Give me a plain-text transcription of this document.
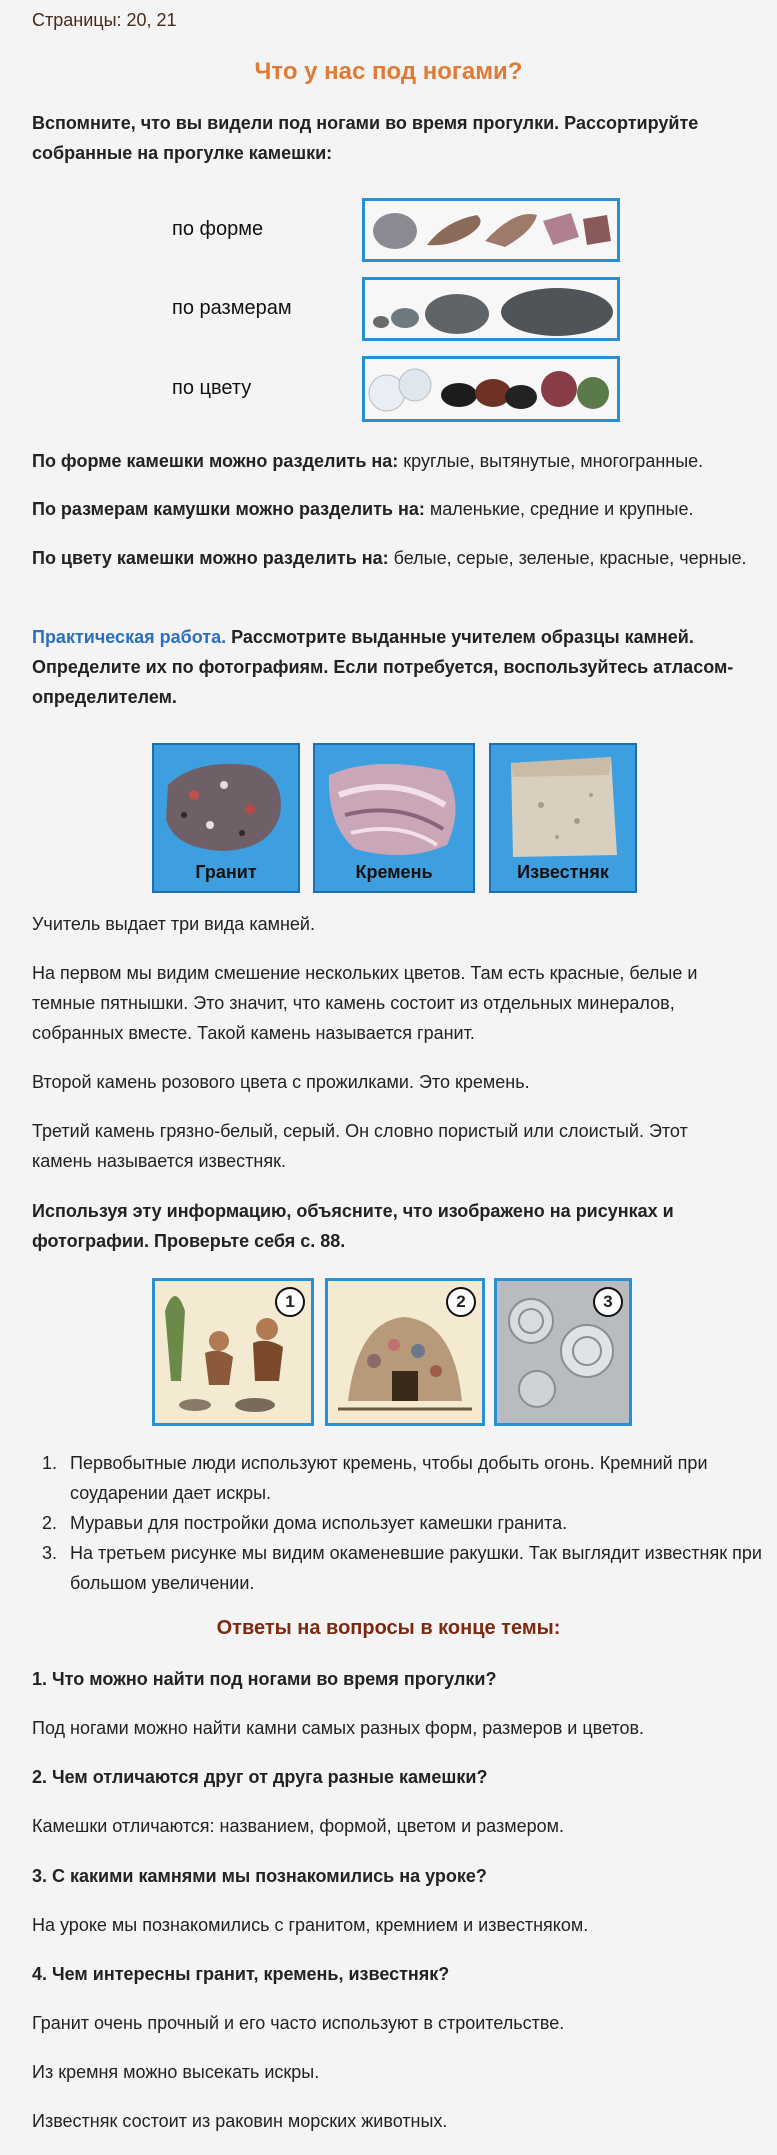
Страницы: 20, 21
Что у нас под ногами?

Вспомните, что вы видели под ногами во время прогулки. Рассортируйте собранные на прогулке камешки:

по форме
по размерам
по цвету

По форме камешки можно разделить на: круглые, вытянутые, многогранные.

По размерам камушки можно разделить на: маленькие, средние и крупные.

По цвету камешки можно разделить на: белые, серые, зеленые, красные, черные.

Практическая работа. Рассмотрите выданные учителем образцы камней. Определите их по фотографиям. Если потребуется, воспользуйтесь атласом-определителем.

Гранит	Кремень	Известняк

Учитель выдает три вида камней.

На первом мы видим смешение нескольких цветов. Там есть красные, белые и темные пятнышки. Это значит, что камень состоит из отдельных минералов, собранных вместе. Такой камень называется гранит.

Второй камень розового цвета с прожилками. Это кремень.

Третий камень грязно-белый, серый. Он словно пористый или слоистый. Этот камень называется известняк.

Используя эту информацию, объясните, что изображено на рисунках и фотографии. Проверьте себя с. 88.

1	2	3
1. Первобытные люди используют кремень, чтобы добыть огонь. Кремний при соударении дает искры.
2. Муравьи для постройки дома использует камешки гранита.
3. На третьем рисунке мы видим окаменевшие ракушки. Так выглядит известняк при большом увеличении.
Ответы на вопросы в конце темы:

1. Что можно найти под ногами во время прогулки?

Под ногами можно найти камни самых разных форм, размеров и цветов.

2. Чем отличаются друг от друга разные камешки?

Камешки отличаются: названием, формой, цветом и размером.

3. С какими камнями мы познакомились на уроке?

На уроке мы познакомились с гранитом, кремнием и известняком.

4. Чем интересны гранит, кремень, известняк?

Гранит очень прочный и его часто используют в строительстве.

Из кремня можно высекать искры.

Известняк состоит из раковин морских животных.
